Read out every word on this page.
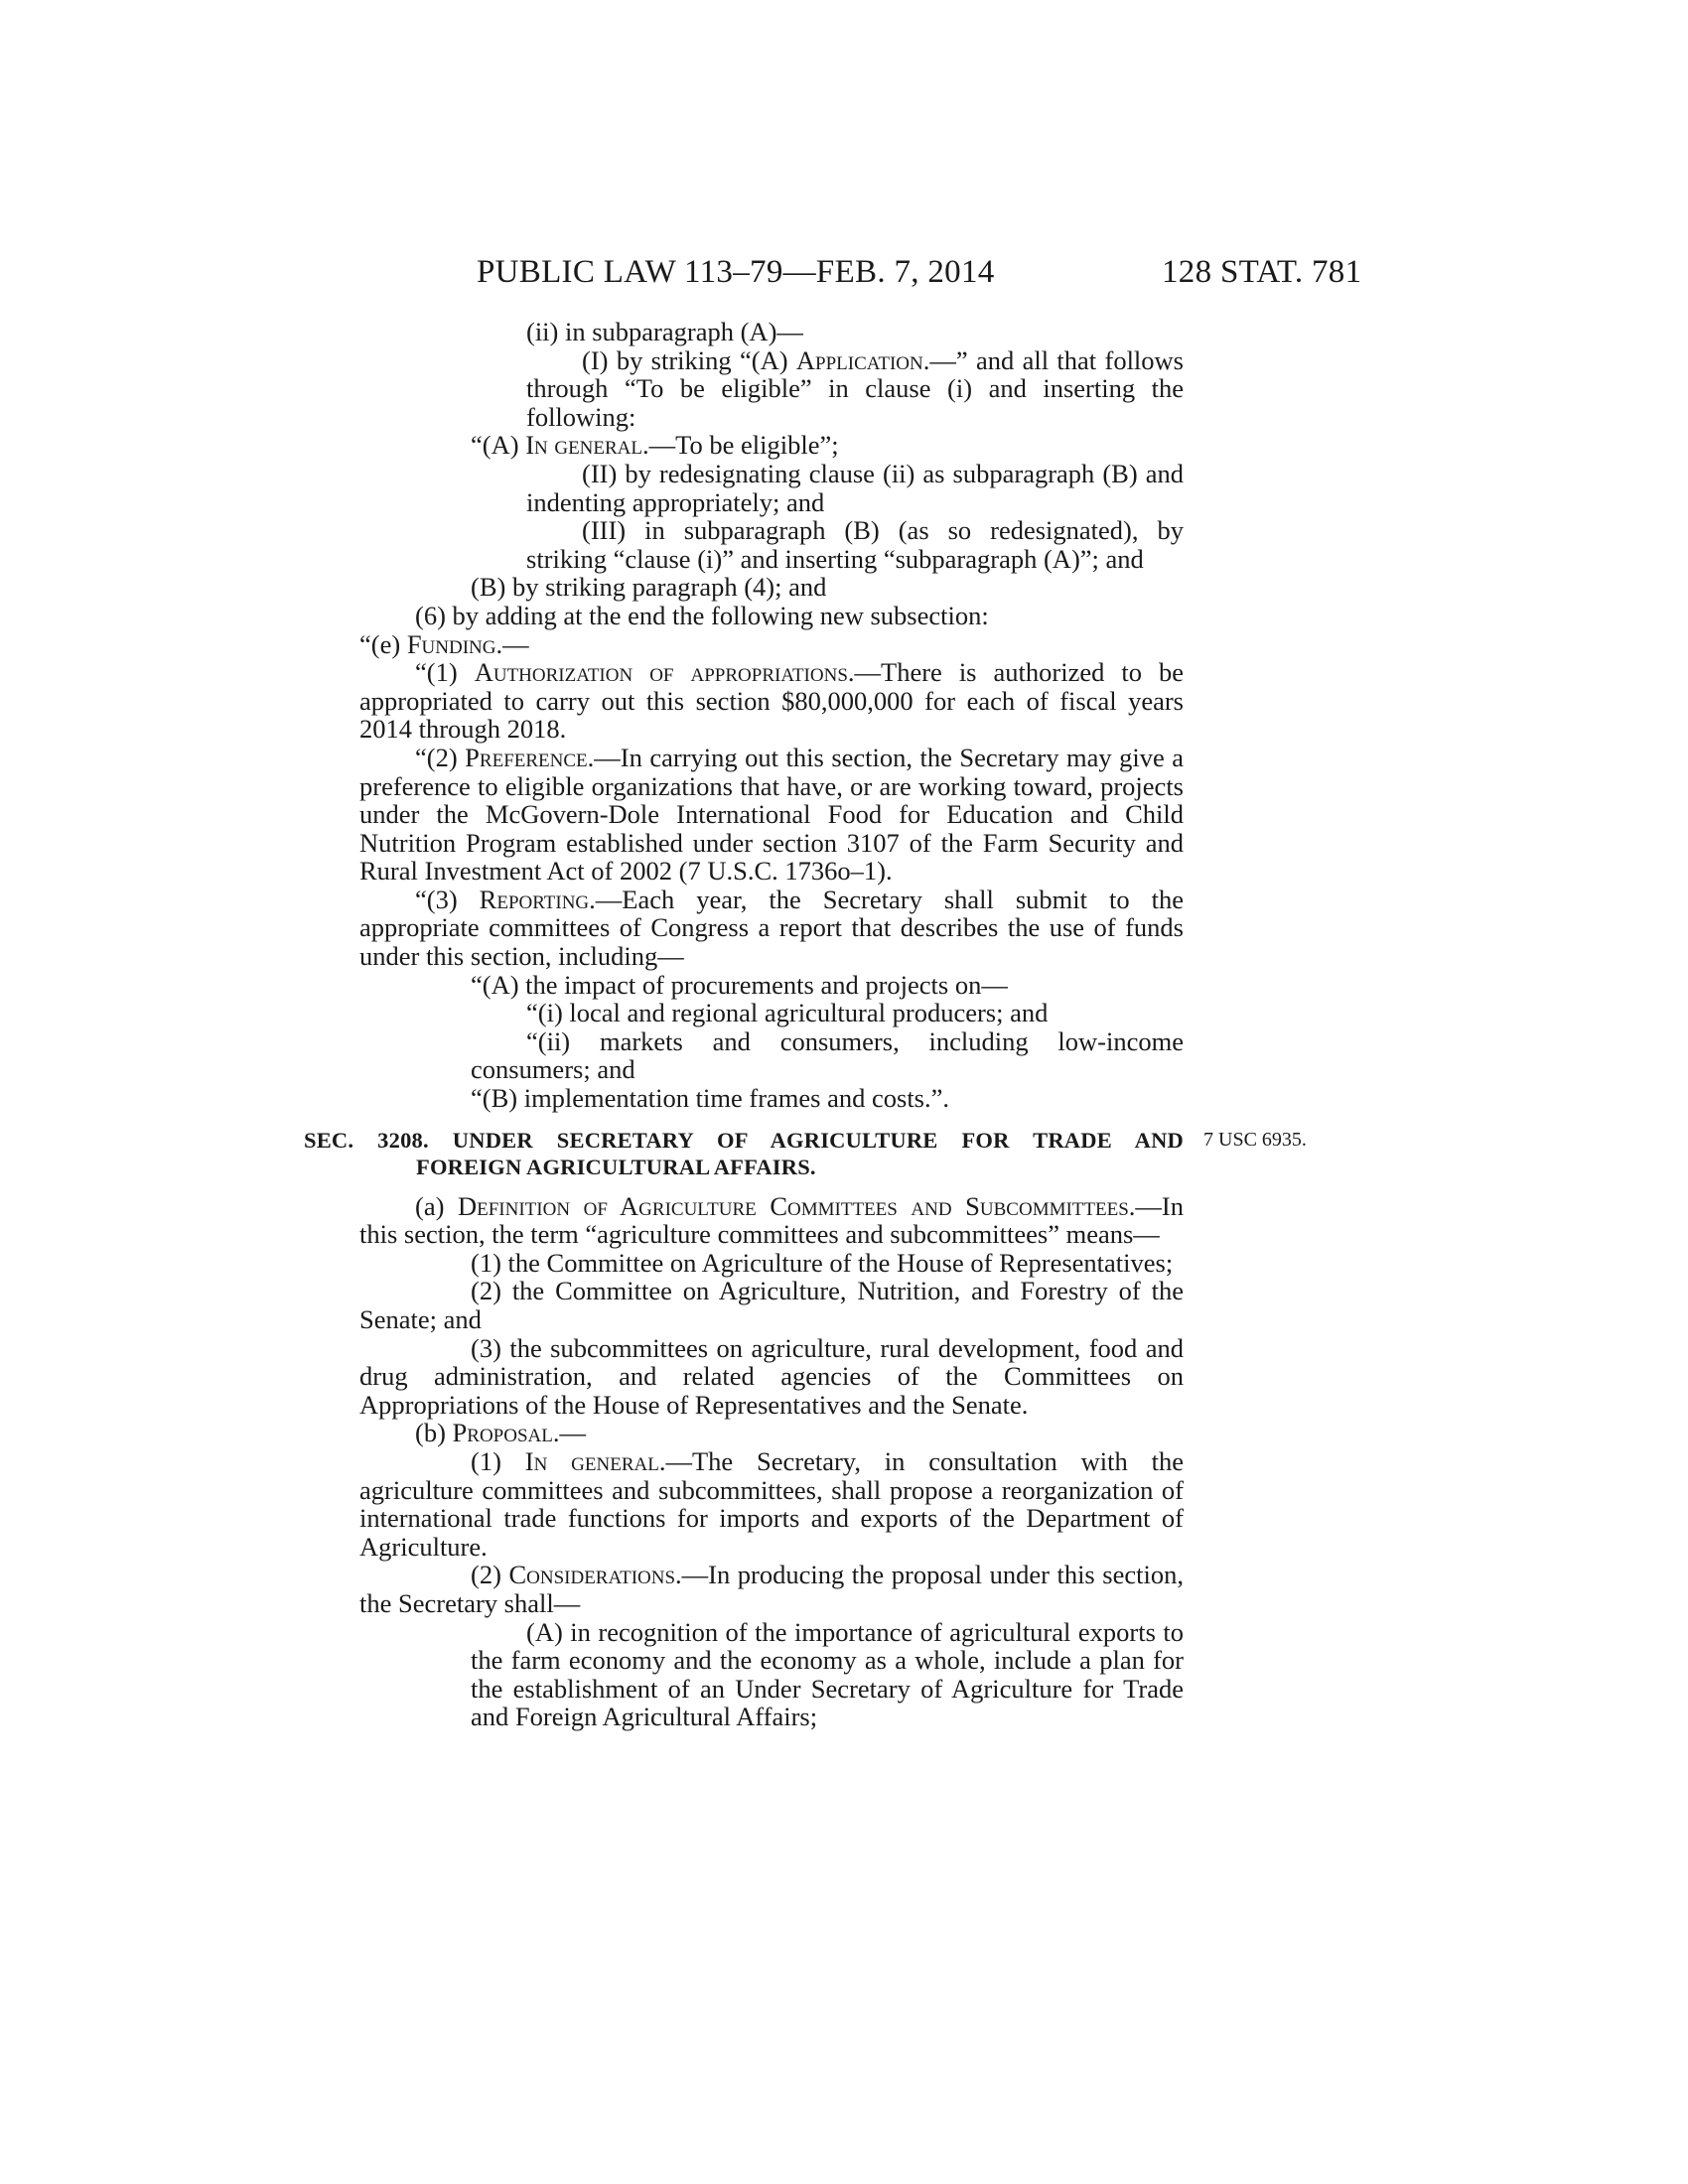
PUBLIC LAW 113–79—FEB. 7, 2014	128 STAT. 781

(ii) in subparagraph (A)—

(I) by striking “(A) Application.—” and all that follows through “To be eligible” in clause (i) and inserting the following:

“(A) In general.—To be eligible”;

(II) by redesignating clause (ii) as subparagraph (B) and indenting appropriately; and

(III) in subparagraph (B) (as so redesignated), by striking “clause (i)” and inserting “subparagraph (A)”; and

(B) by striking paragraph (4); and

(6) by adding at the end the following new subsection:

“(e) Funding.—

“(1) Authorization of appropriations.—There is authorized to be appropriated to carry out this section $80,000,000 for each of fiscal years 2014 through 2018.

“(2) Preference.—In carrying out this section, the Secretary may give a preference to eligible organizations that have, or are working toward, projects under the McGovern-Dole International Food for Education and Child Nutrition Program established under section 3107 of the Farm Security and Rural Investment Act of 2002 (7 U.S.C. 1736o–1).

“(3) Reporting.—Each year, the Secretary shall submit to the appropriate committees of Congress a report that describes the use of funds under this section, including—

“(A) the impact of procurements and projects on—

“(i) local and regional agricultural producers; and

“(ii) markets and consumers, including low-income consumers; and

“(B) implementation time frames and costs.”.

SEC. 3208. UNDER SECRETARY OF AGRICULTURE FOR TRADE AND
FOREIGN AGRICULTURAL AFFAIRS.
7 USC 6935.

(a) Definition of Agriculture Committees and Subcommittees.—In this section, the term “agriculture committees and subcommittees” means—

(1) the Committee on Agriculture of the House of Representatives;

(2) the Committee on Agriculture, Nutrition, and Forestry of the Senate; and

(3) the subcommittees on agriculture, rural development, food and drug administration, and related agencies of the Committees on Appropriations of the House of Representatives and the Senate.

(b) Proposal.—

(1) In general.—The Secretary, in consultation with the agriculture committees and subcommittees, shall propose a reorganization of international trade functions for imports and exports of the Department of Agriculture.

(2) Considerations.—In producing the proposal under this section, the Secretary shall—

(A) in recognition of the importance of agricultural exports to the farm economy and the economy as a whole, include a plan for the establishment of an Under Secretary of Agriculture for Trade and Foreign Agricultural Affairs;
